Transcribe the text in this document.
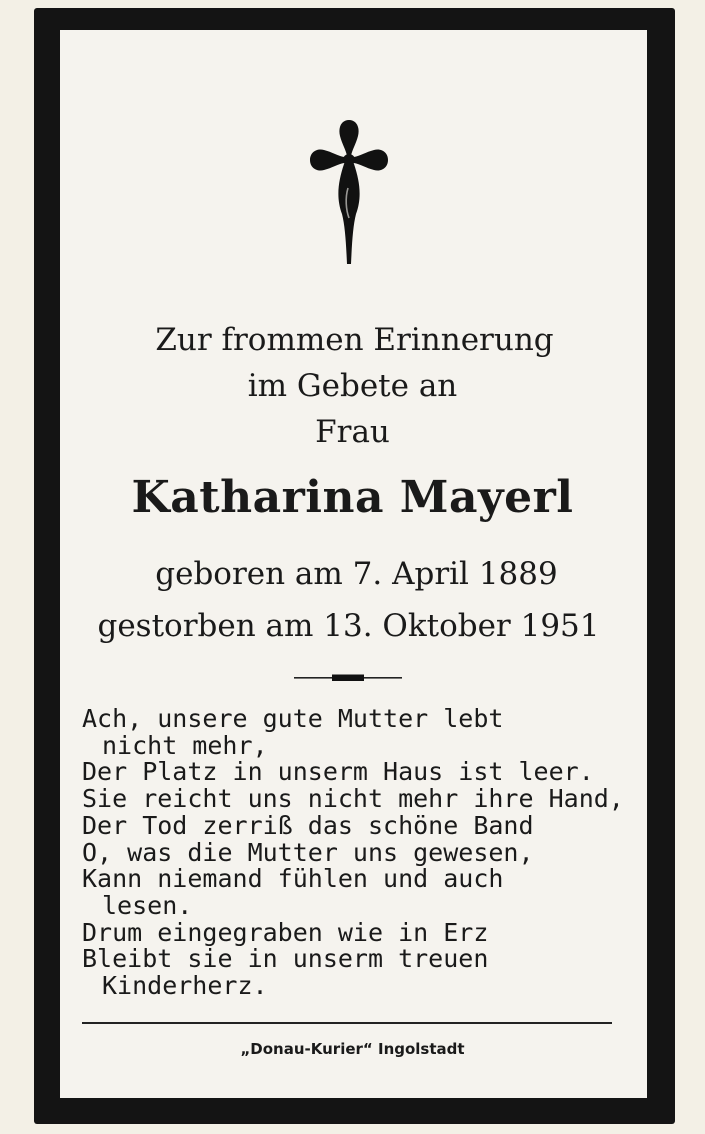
Zur frommen Erinnerung
im Gebete an
Frau
Katharina Mayerl
geboren am 7. April 1889
gestorben am 13. Oktober 1951
Ach, unsere gute Mutter lebt
nicht mehr,
Der Platz in unserm Haus ist leer.
Sie reicht uns nicht mehr ihre Hand,
Der Tod zerriß das schöne Band
O, was die Mutter uns gewesen,
Kann niemand fühlen und auch
lesen.
Drum eingegraben wie in Erz
Bleibt sie in unserm treuen
Kinderherz.
„Donau-Kurier“ Ingolstadt
